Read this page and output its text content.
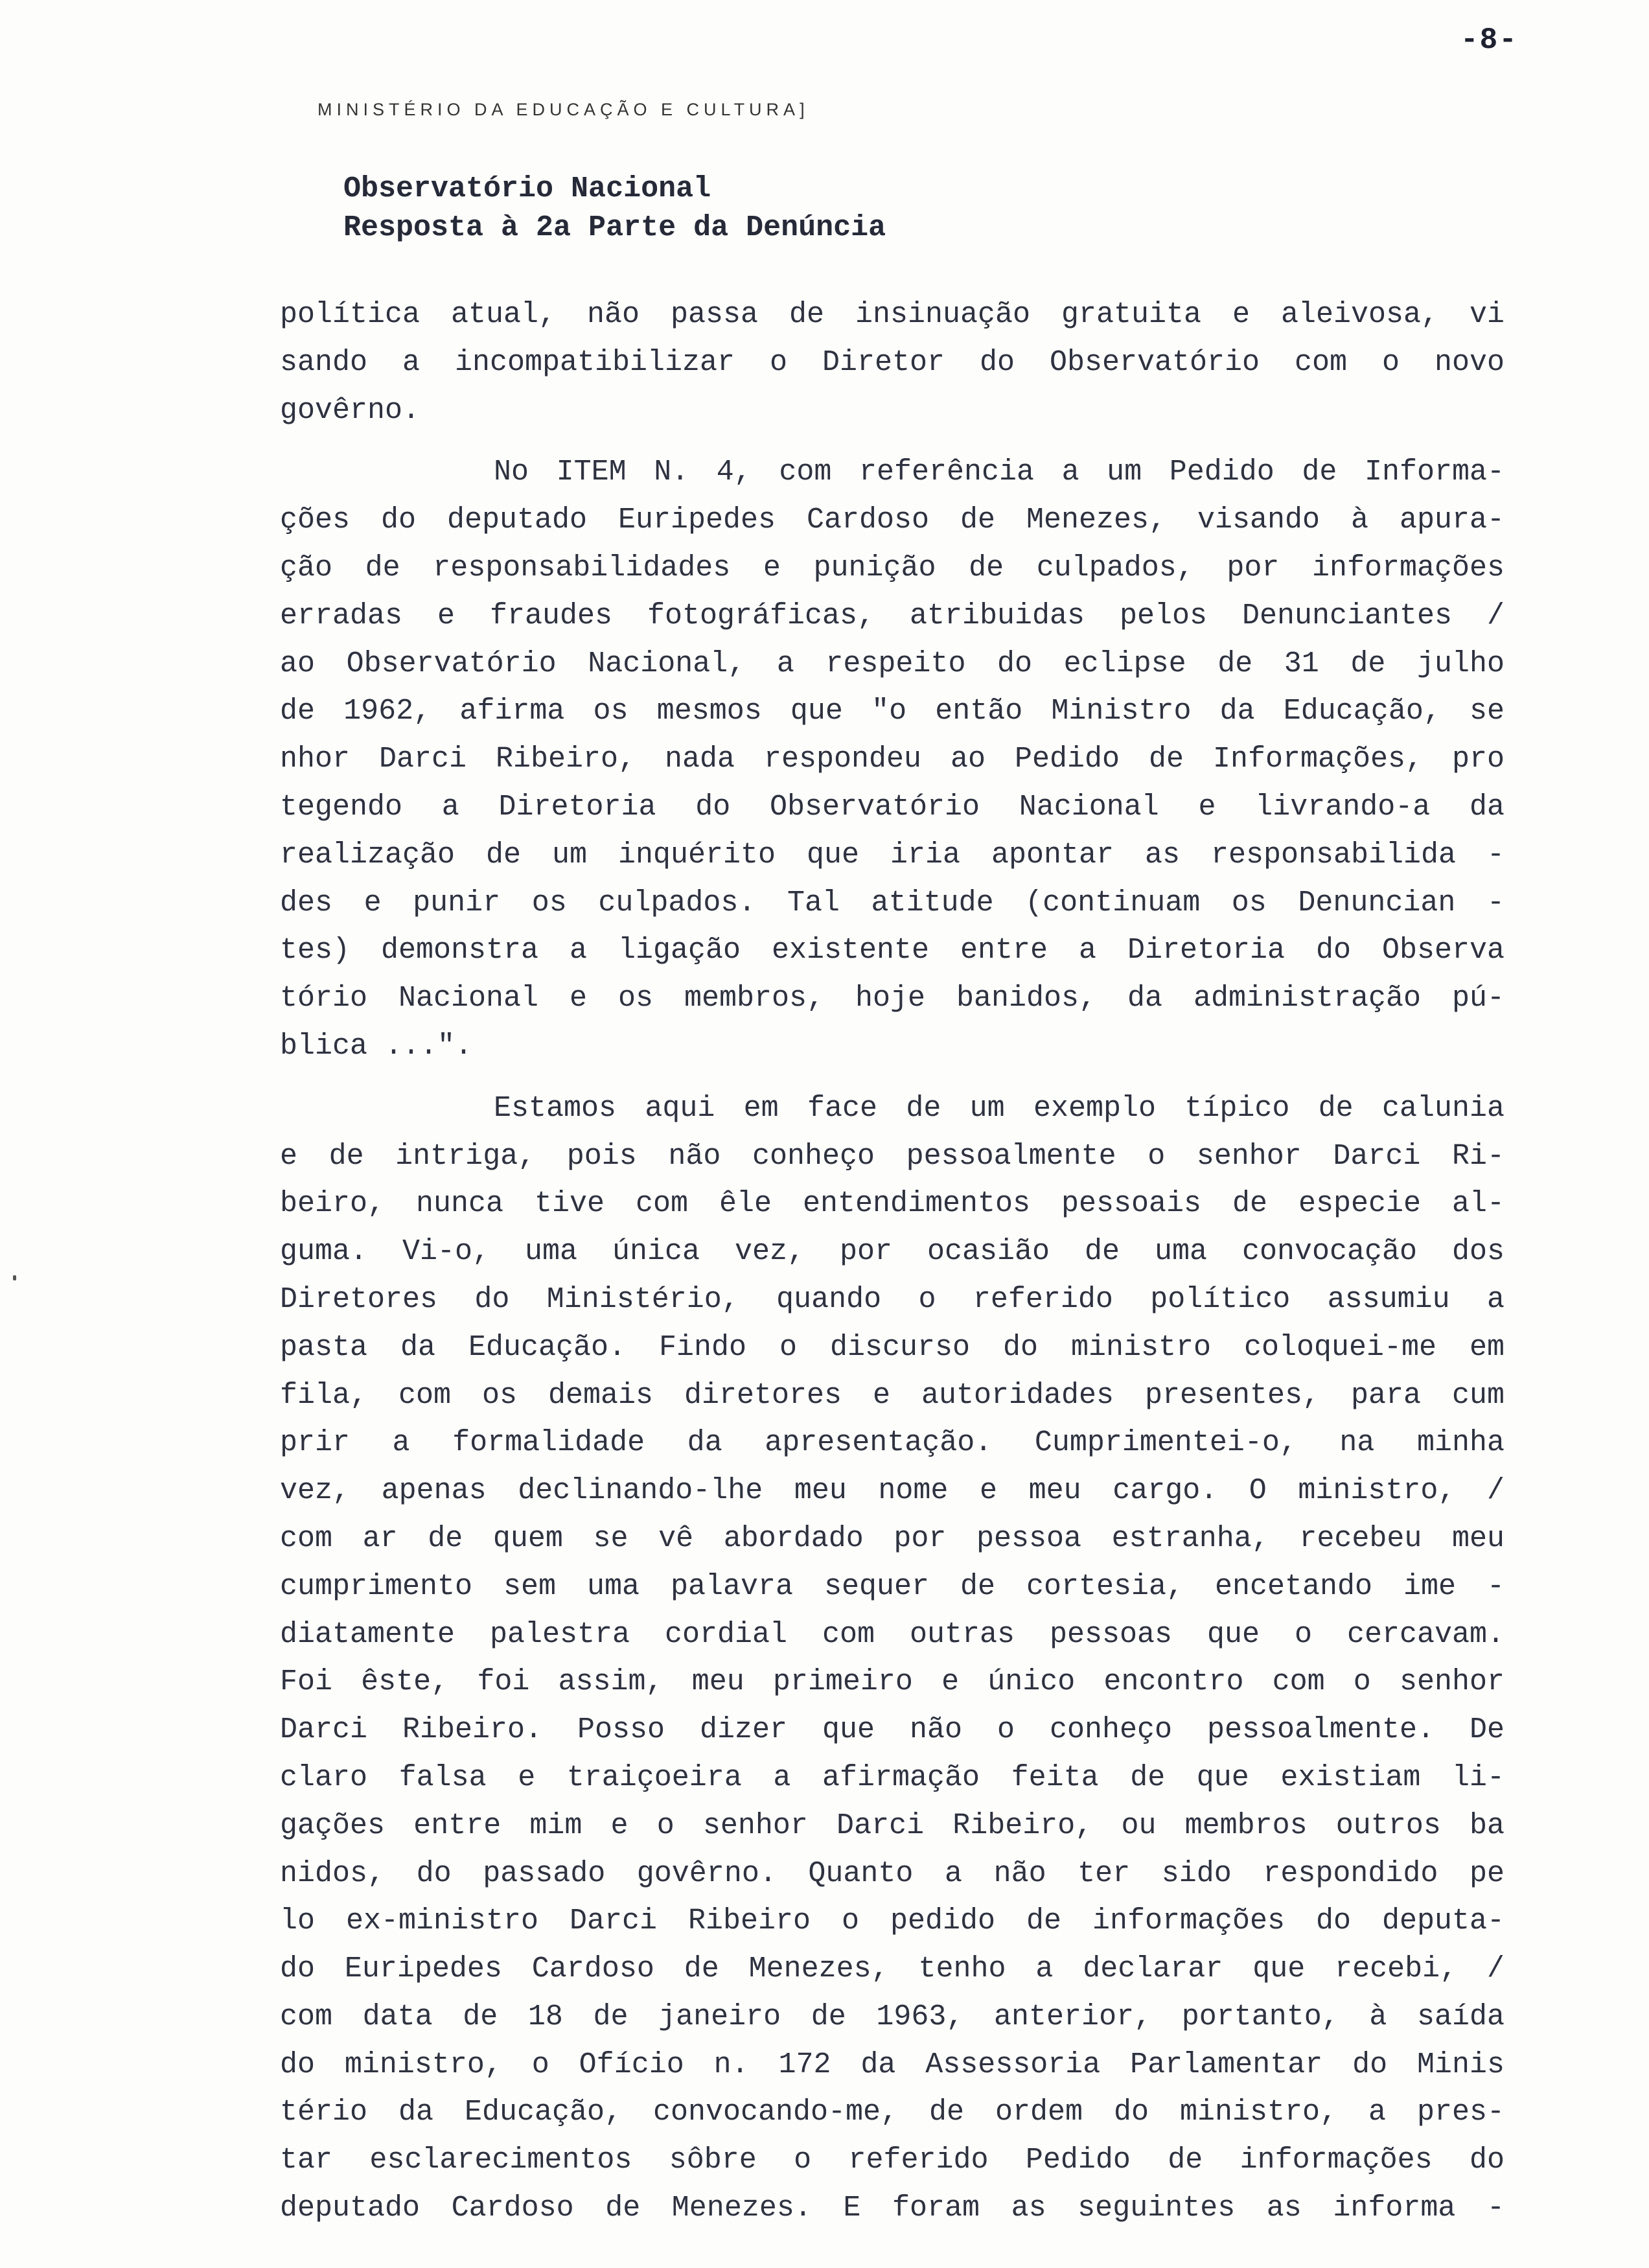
-8-
MINISTÉRIO DA EDUCAÇÃO E CULTURA]
Observatório Nacional
Resposta à 2a Parte da Denúncia
política atual, não passa de insinuação gratuita e aleivosa, vi
sando a incompatibilizar o Diretor do Observatório com o novo
govêrno.
No ITEM N. 4, com referência a um Pedido de Informa-
ções do deputado Euripedes Cardoso de Menezes, visando à apura-
ção de responsabilidades e punição de culpados, por informações
erradas e fraudes fotográficas, atribuidas pelos Denunciantes /
ao Observatório Nacional, a respeito do eclipse de 31 de julho
de 1962, afirma os mesmos que "o então Ministro da Educação, se
nhor Darci Ribeiro, nada respondeu ao Pedido de Informações, pro
tegendo a Diretoria do Observatório Nacional e livrando-a da
realização de um inquérito que iria apontar as responsabilida -
des e punir os culpados. Tal atitude (continuam os Denuncian -
tes) demonstra a ligação existente entre a Diretoria do Observa
tório Nacional e os membros, hoje banidos, da administração pú-
blica ...".
Estamos aqui em face de um exemplo típico de calunia
e de intriga, pois não conheço pessoalmente o senhor Darci Ri-
beiro, nunca tive com êle entendimentos pessoais de especie al-
guma. Vi-o, uma única vez, por ocasião de uma convocação dos
Diretores do Ministério, quando o referido político assumiu a
pasta da Educação. Findo o discurso do ministro coloquei-me em
fila, com os demais diretores e autoridades presentes, para cum
prir a formalidade da apresentação. Cumprimentei-o, na minha
vez, apenas declinando-lhe meu nome e meu cargo. O ministro, /
com ar de quem se vê abordado por pessoa estranha, recebeu meu
cumprimento sem uma palavra sequer de cortesia, encetando ime -
diatamente palestra cordial com outras pessoas que o cercavam.
Foi êste, foi assim, meu primeiro e único encontro com o senhor
Darci Ribeiro. Posso dizer que não o conheço pessoalmente. De
claro falsa e traiçoeira a afirmação feita de que existiam li-
gações entre mim e o senhor Darci Ribeiro, ou membros outros ba
nidos, do passado govêrno. Quanto a não ter sido respondido pe
lo ex-ministro Darci Ribeiro o pedido de informações do deputa-
do Euripedes Cardoso de Menezes, tenho a declarar que recebi, /
com data de 18 de janeiro de 1963, anterior, portanto, à saída
do ministro, o Ofício n. 172 da Assessoria Parlamentar do Minis
tério da Educação, convocando-me, de ordem do ministro, a pres-
tar esclarecimentos sôbre o referido Pedido de informações do
deputado Cardoso de Menezes. E foram as seguintes as informa -
